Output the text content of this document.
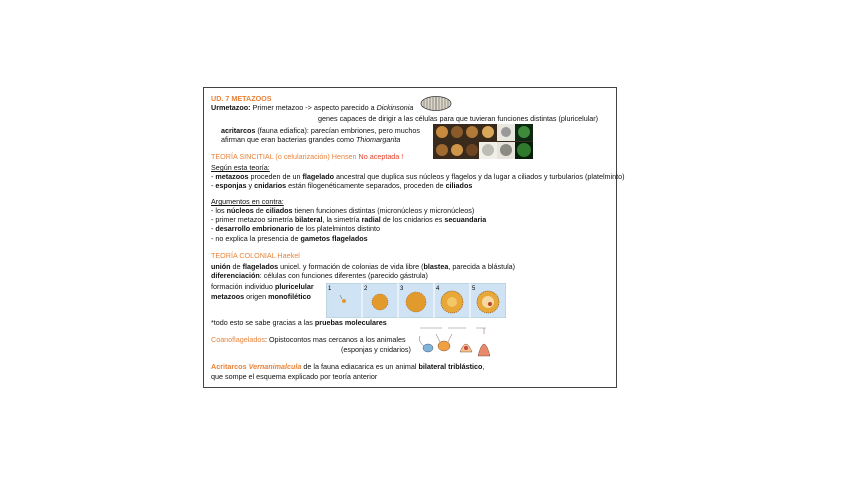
UD. 7 METAZOOS
Urmetazoo: Primer metazoo -> aspecto parecido a Dickinsonia
genes capaces de dirigir a las células para que tuvieran funciones distintas (pluricelular)
acritarcos (fauna ediafica): parecían embriones, pero muchos
afirman que eran bacterias grandes como Thiomargarita
TEORÍA SINCITIAL (o celularización) Hensen No aceptada !
Según esta teoría:
- metazoos proceden de un flagelado ancestral que duplica sus núcleos y flagelos y da lugar a ciliados y turbularios (platelminto)
- esponjas y cnidarios están filogenéticamente separados, proceden de ciliados
Argumentos en contra:
- los núcleos de ciliados tienen funciones distintas (micronúcleos y micronúcleos)
- primer metazoo simetría bilateral, la simetría radial de los cnidarios es secuandaria
- desarrollo embrionario de los platelmintos distinto
- no explica la presencia de gametos flagelados
TEORÍA COLONIAL Haekel
unión de flagelados unicel. y formación de colonias de vida libre (blastea, parecida a blástula)
diferenciación: células con funciones diferentes (parecido gástrula)
formación individuo pluricelular
metazoos origen monofilético
1	2	3	4	5
*todo esto se sabe gracias a las pruebas moleculares
Coanoflagelados: Opistocontos mas cercanos a los animales
(esponjas y cnidarios)
Acritarcos Vernanimalcula de la fauna ediacarica es un animal bilateral triblástico,
que sompe el esquema explicado por teoría anterior
